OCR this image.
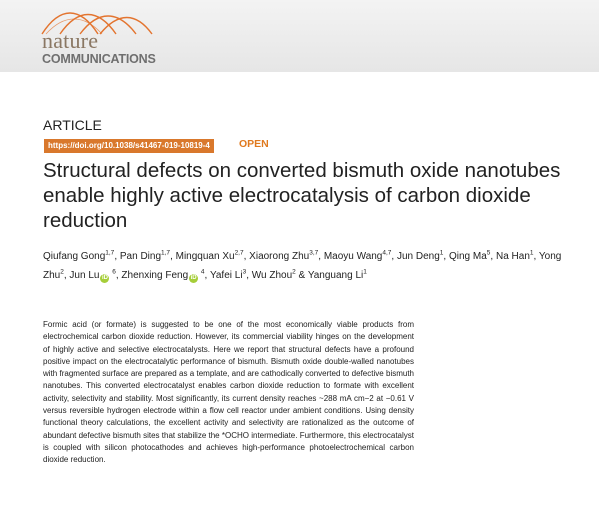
nature
COMMUNICATIONS
ARTICLE
https://doi.org/10.1038/s41467-019-10819-4	OPEN
Structural defects on converted bismuth oxide nanotubes enable highly active electrocatalysis of carbon dioxide reduction
Qiufang Gong$^{1,7}$, Pan Ding$^{1,7}$, Mingquan Xu$^{2,7}$, Xiaorong Zhu$^{3,7}$, Maoyu Wang$^{4,7}$, Jun Deng$^1$, Qing Ma$^5$, Na Han$^1$, Yong Zhu$^2$, Jun Lu iD $^6$, Zhenxing Feng iD $^4$, Yafei Li$^3$, Wu Zhou$^2$ & Yanguang Li$^1$
Formic acid (or formate) is suggested to be one of the most economically viable products from electrochemical carbon dioxide reduction. However, its commercial viability hinges on the development of highly active and selective electrocatalysts. Here we report that structural defects have a profound positive impact on the electrocatalytic performance of bismuth. Bismuth oxide double-walled nanotubes with fragmented surface are prepared as a template, and are cathodically converted to defective bismuth nanotubes. This converted electrocatalyst enables carbon dioxide reduction to formate with excellent activity, selectivity and stability. Most significantly, its current density reaches ~288 mA cm−2 at −0.61 V versus reversible hydrogen electrode within a flow cell reactor under ambient conditions. Using density functional theory calculations, the excellent activity and selectivity are rationalized as the outcome of abundant defective bismuth sites that stabilize the *OCHO intermediate. Furthermore, this electrocatalyst is coupled with silicon photocathodes and achieves high-performance photoelectrochemical carbon dioxide reduction.
